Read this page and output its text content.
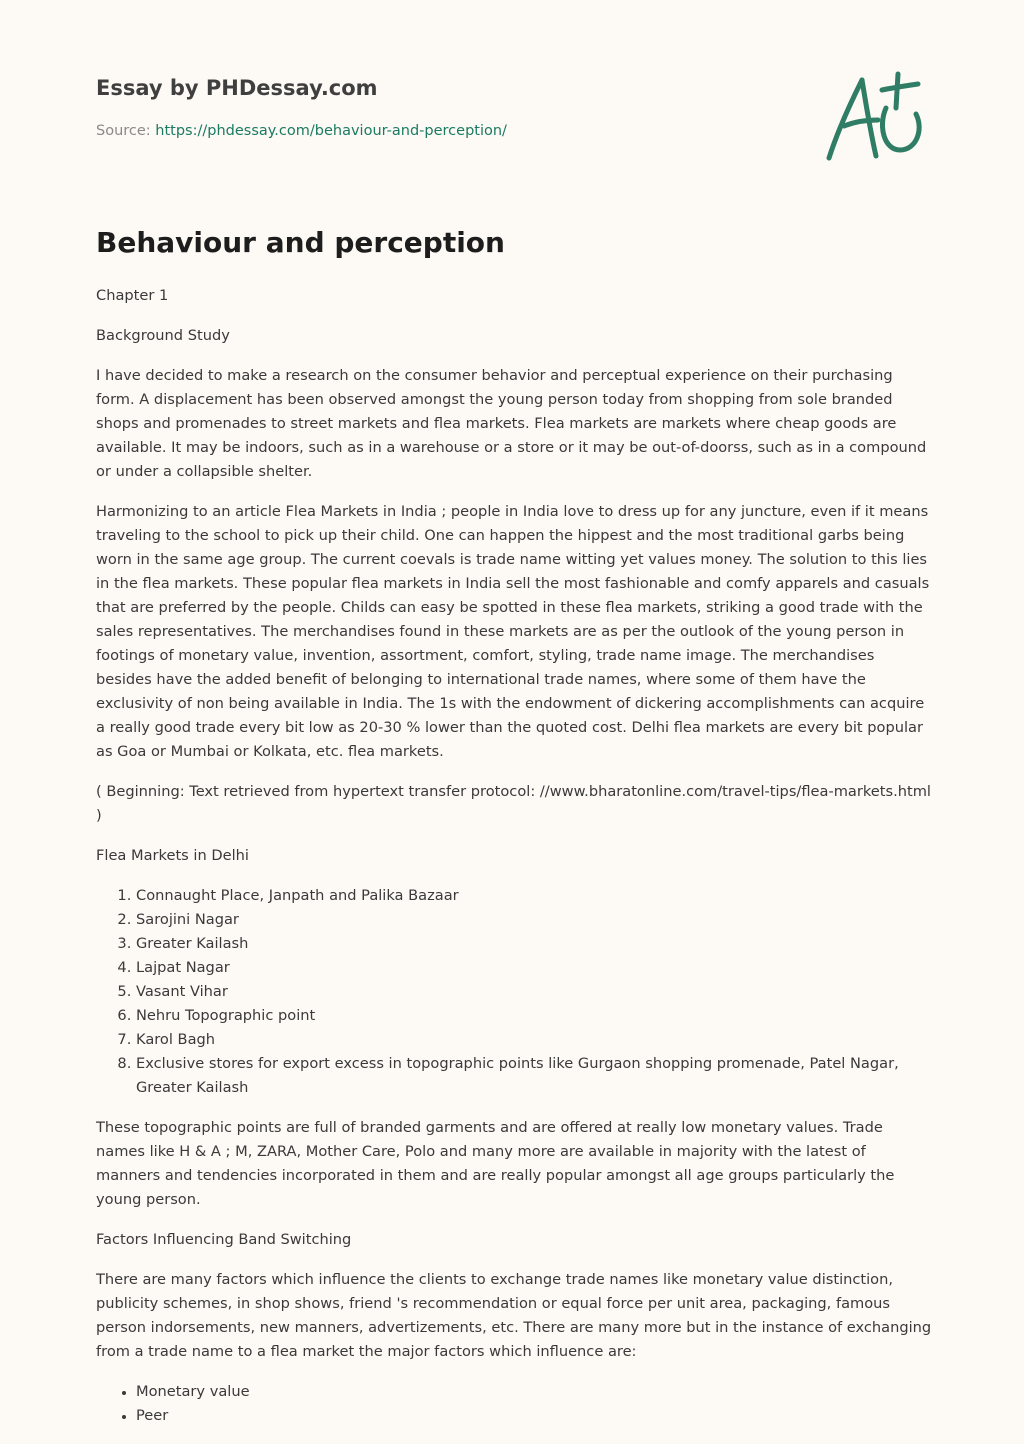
Essay by PHDessay.com
Source: https://phdessay.com/behaviour-and-perception/
Behaviour and perception

Chapter 1

Background Study

I have decided to make a research on the consumer behavior and perceptual experience on their purchasing form. A displacement has been observed amongst the young person today from shopping from sole branded shops and promenades to street markets and flea markets. Flea markets are markets where cheap goods are available. It may be indoors, such as in a warehouse or a store or it may be out-of-doorss, such as in a compound or under a collapsible shelter.

Harmonizing to an article Flea Markets in India ; people in India love to dress up for any juncture, even if it means traveling to the school to pick up their child. One can happen the hippest and the most traditional garbs being worn in the same age group. The current coevals is trade name witting yet values money. The solution to this lies in the flea markets. These popular flea markets in India sell the most fashionable and comfy apparels and casuals that are preferred by the people. Childs can easy be spotted in these flea markets, striking a good trade with the sales representatives. The merchandises found in these markets are as per the outlook of the young person in footings of monetary value, invention, assortment, comfort, styling, trade name image. The merchandises besides have the added benefit of belonging to international trade names, where some of them have the exclusivity of non being available in India. The 1s with the endowment of dickering accomplishments can acquire a really good trade every bit low as 20-30 % lower than the quoted cost. Delhi flea markets are every bit popular as Goa or Mumbai or Kolkata, etc. flea markets.

( Beginning: Text retrieved from hypertext transfer protocol: //www.bharatonline.com/travel-tips/flea-markets.html )

Flea Markets in Delhi

1. Connaught Place, Janpath and Palika Bazaar
2. Sarojini Nagar
3. Greater Kailash
4. Lajpat Nagar
5. Vasant Vihar
6. Nehru Topographic point
7. Karol Bagh
8. Exclusive stores for export excess in topographic points like Gurgaon shopping promenade, Patel Nagar, Greater Kailash

These topographic points are full of branded garments and are offered at really low monetary values. Trade names like H & A ; M, ZARA, Mother Care, Polo and many more are available in majority with the latest of manners and tendencies incorporated in them and are really popular amongst all age groups particularly the young person.

Factors Influencing Band Switching

There are many factors which influence the clients to exchange trade names like monetary value distinction, publicity schemes, in shop shows, friend 's recommendation or equal force per unit area, packaging, famous person indorsements, new manners, advertizements, etc. There are many more but in the instance of exchanging from a trade name to a flea market the major factors which influence are:

• Monetary value
• Peer
